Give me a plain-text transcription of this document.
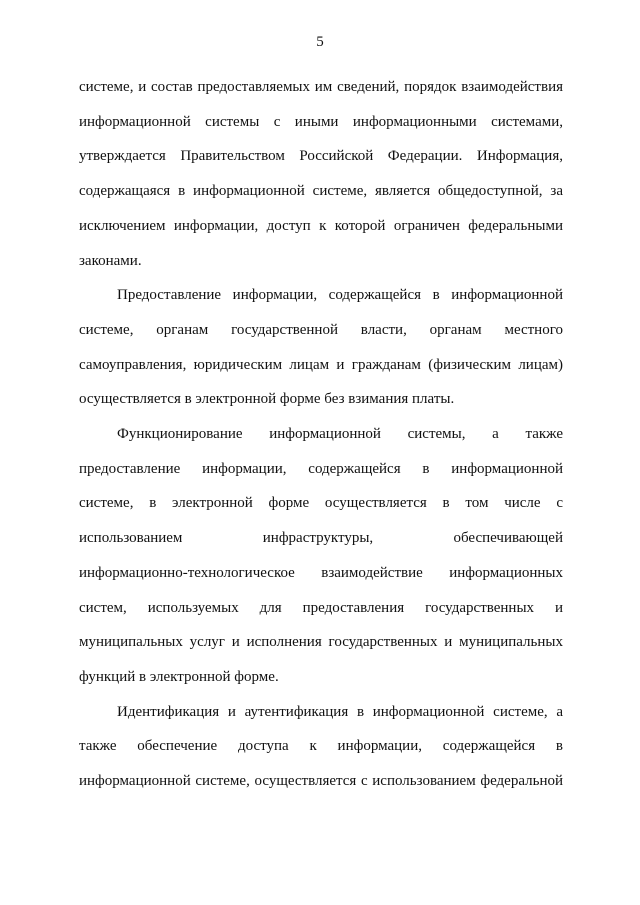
5

системе, и состав предоставляемых им сведений, порядок взаимодействия
информационной системы с иными информационными системами,
утверждается Правительством Российской Федерации. Информация,
содержащаяся в информационной системе, является общедоступной, за
исключением информации, доступ к которой ограничен федеральными
законами.

Предоставление информации, содержащейся в информационной
системе, органам государственной власти, органам местного
самоуправления, юридическим лицам и гражданам (физическим лицам)
осуществляется в электронной форме без взимания платы.

Функционирование информационной системы, а также
предоставление информации, содержащейся в информационной
системе, в электронной форме осуществляется в том числе с
использованием инфраструктуры, обеспечивающей
информационно-технологическое взаимодействие информационных
систем, используемых для предоставления государственных и
муниципальных услуг и исполнения государственных и муниципальных
функций в электронной форме.

Идентификация и аутентификация в информационной системе, а
также обеспечение доступа к информации, содержащейся в
информационной системе, осуществляется с использованием федеральной
